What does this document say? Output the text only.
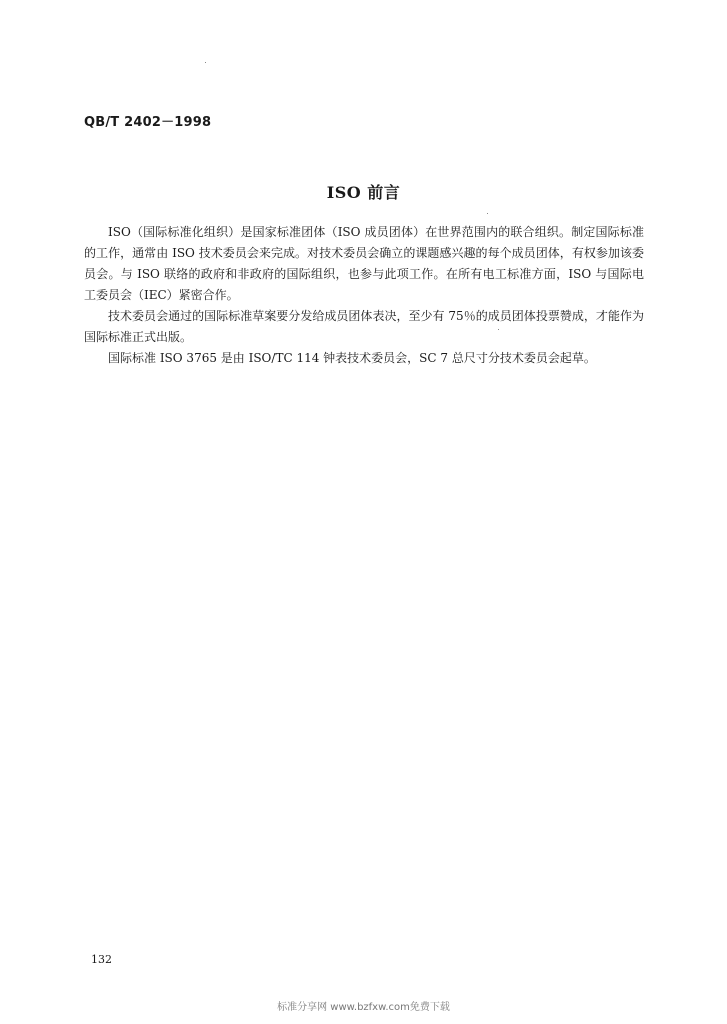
QB/T 2402－1998
ISO 前言

ISO（国际标准化组织）是国家标准团体（ISO 成员团体）在世界范围内的联合组织。制定国际标准的工作，通常由 ISO 技术委员会来完成。对技术委员会确立的课题感兴趣的每个成员团体，有权参加该委员会。与 ISO 联络的政府和非政府的国际组织，也参与此项工作。在所有电工标准方面，ISO 与国际电工委员会（IEC）紧密合作。

技术委员会通过的国际标准草案要分发给成员团体表决，至少有 75％的成员团体投票赞成，才能作为国际标准正式出版。

国际标准 ISO 3765 是由 ISO/TC 114 钟表技术委员会，SC 7 总尺寸分技术委员会起草。

132
标准分享网 www.bzfxw.com免费下载
